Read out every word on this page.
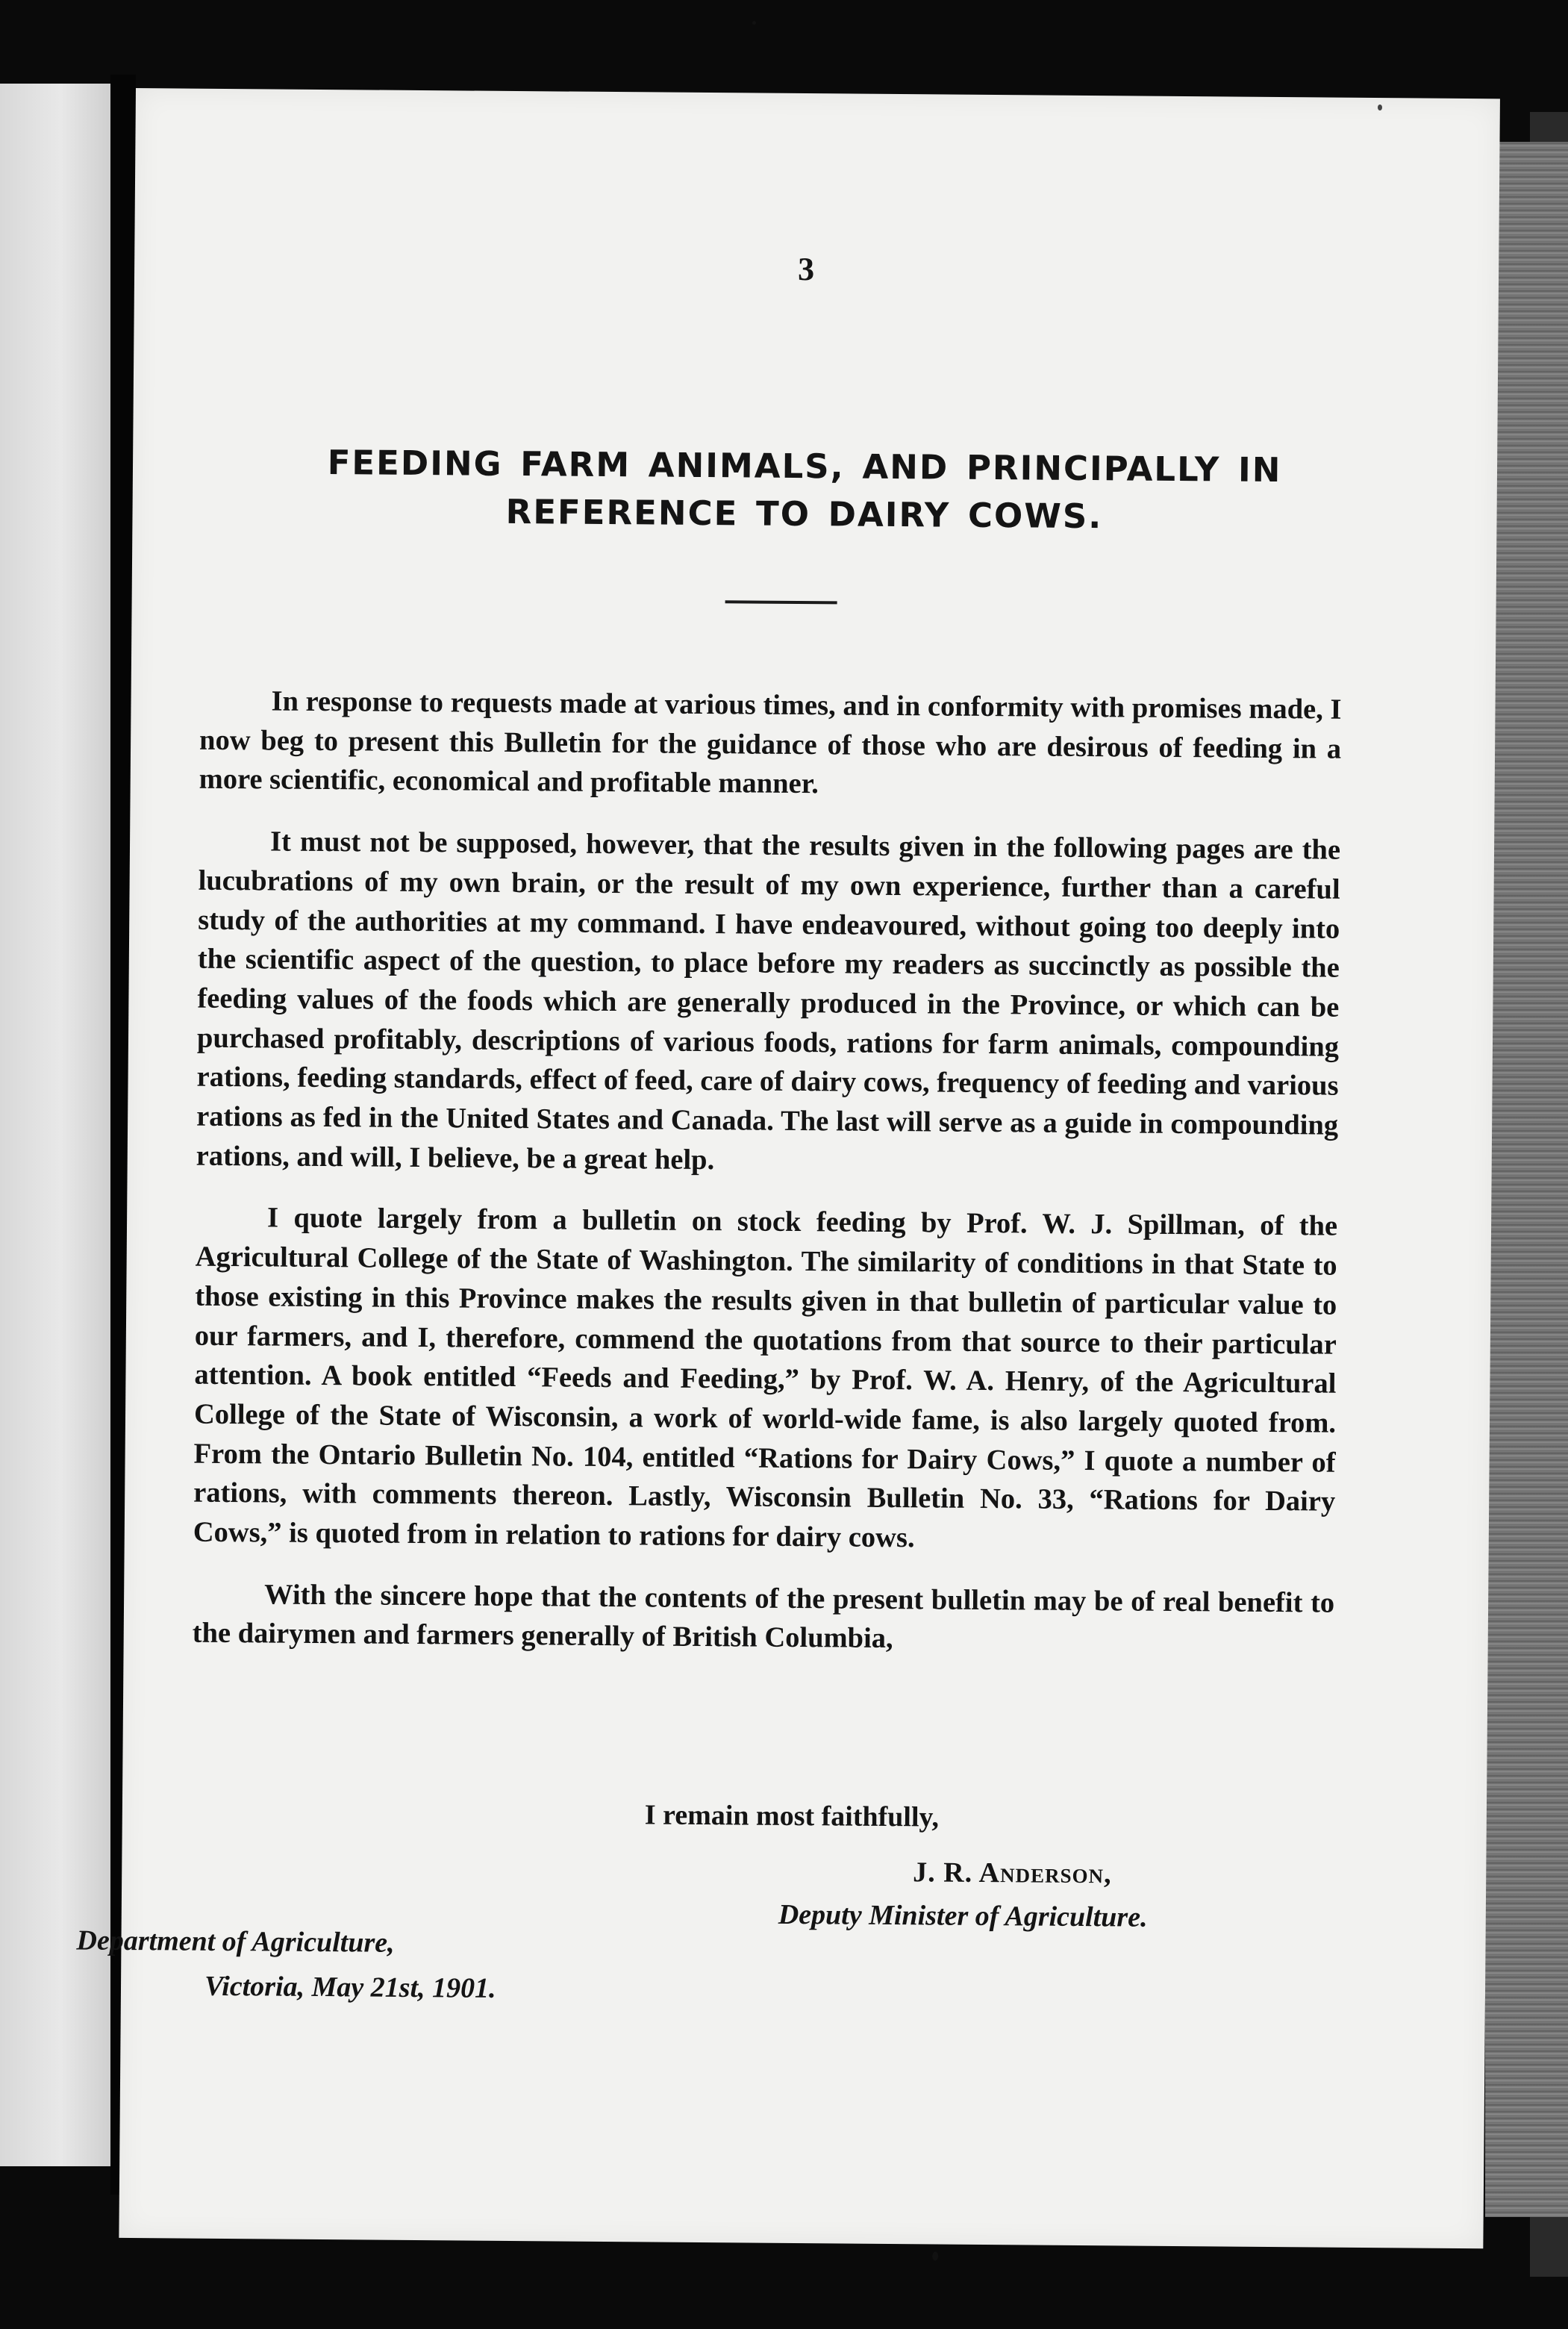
3
FEEDING FARM ANIMALS, AND PRINCIPALLY IN
REFERENCE TO DAIRY COWS.

In response to requests made at various times, and in conformity with promises made, I now beg to present this Bulletin for the guidance of those who are desirous of feeding in a more scientific, economical and profitable manner.

It must not be supposed, however, that the results given in the following pages are the lucubrations of my own brain, or the result of my own experience, further than a careful study of the authorities at my command. I have endeavoured, without going too deeply into the scientific aspect of the question, to place before my readers as succinctly as possible the feeding values of the foods which are generally produced in the Province, or which can be purchased profitably, descriptions of various foods, rations for farm animals, compounding rations, feeding standards, effect of feed, care of dairy cows, frequency of feeding and various rations as fed in the United States and Canada. The last will serve as a guide in compounding rations, and will, I believe, be a great help.

I quote largely from a bulletin on stock feeding by Prof. W. J. Spillman, of the Agricultural College of the State of Washington. The similarity of conditions in that State to those existing in this Province makes the results given in that bulletin of particular value to our farmers, and I, therefore, commend the quotations from that source to their particular attention. A book entitled “Feeds and Feeding,” by Prof. W. A. Henry, of the Agricultural College of the State of Wisconsin, a work of world-wide fame, is also largely quoted from. From the Ontario Bulletin No. 104, entitled “Rations for Dairy Cows,” I quote a number of rations, with comments thereon. Lastly, Wisconsin Bulletin No. 33, “Rations for Dairy Cows,” is quoted from in relation to rations for dairy cows.

With the sincere hope that the contents of the present bulletin may be of real benefit to the dairymen and farmers generally of British Columbia,

I remain most faithfully,
J. R. Anderson,
Deputy Minister of Agriculture.
Department of Agriculture,
Victoria, May 21st, 1901.
